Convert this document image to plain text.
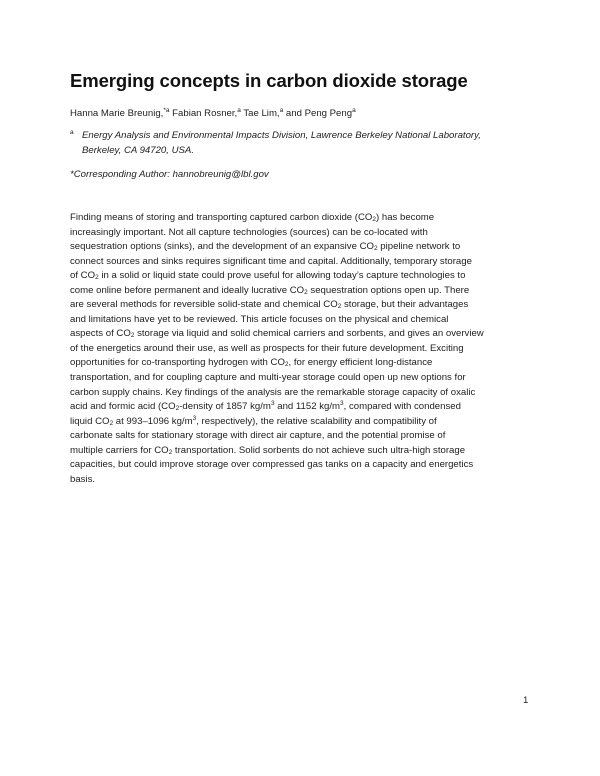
Emerging concepts in carbon dioxide storage
Hanna Marie Breunig,$^{*a}$ Fabian Rosner,$^a$ Tae Lim,$^a$ and Peng Peng$^a$
a Energy Analysis and Environmental Impacts Division, Lawrence Berkeley National Laboratory,
Berkeley, CA 94720, USA.
*Corresponding Author: hannobreunig@lbl.gov
Finding means of storing and transporting captured carbon dioxide $(CO_2)$ has become
increasingly important. Not all capture technologies (sources) can be co-located with
sequestration options (sinks), and the development of an expansive $CO_2$ pipeline network to
connect sources and sinks requires significant time and capital. Additionally, temporary storage
of $CO_2$ in a solid or liquid state could prove useful for allowing today’s capture technologies to
come online before permanent and ideally lucrative $CO_2$ sequestration options open up. There
are several methods for reversible solid-state and chemical $CO_2$ storage, but their advantages
and limitations have yet to be reviewed. This article focuses on the physical and chemical
aspects of $CO_2$ storage via liquid and solid chemical carriers and sorbents, and gives an overview
of the energetics around their use, as well as prospects for their future development. Exciting
opportunities for co-transporting hydrogen with $CO_2$, for energy efficient long-distance
transportation, and for coupling capture and multi-year storage could open up new options for
carbon supply chains. Key findings of the analysis are the remarkable storage capacity of oxalic
acid and formic acid ($CO_2$-density of 1857 $kg/m^3$ and 1152 $kg/m^3$, compared with condensed
liquid $CO_2$ at 993–1096 $kg/m^3$, respectively), the relative scalability and compatibility of
carbonate salts for stationary storage with direct air capture, and the potential promise of
multiple carriers for $CO_2$ transportation. Solid sorbents do not achieve such ultra-high storage
capacities, but could improve storage over compressed gas tanks on a capacity and energetics
basis.
1
